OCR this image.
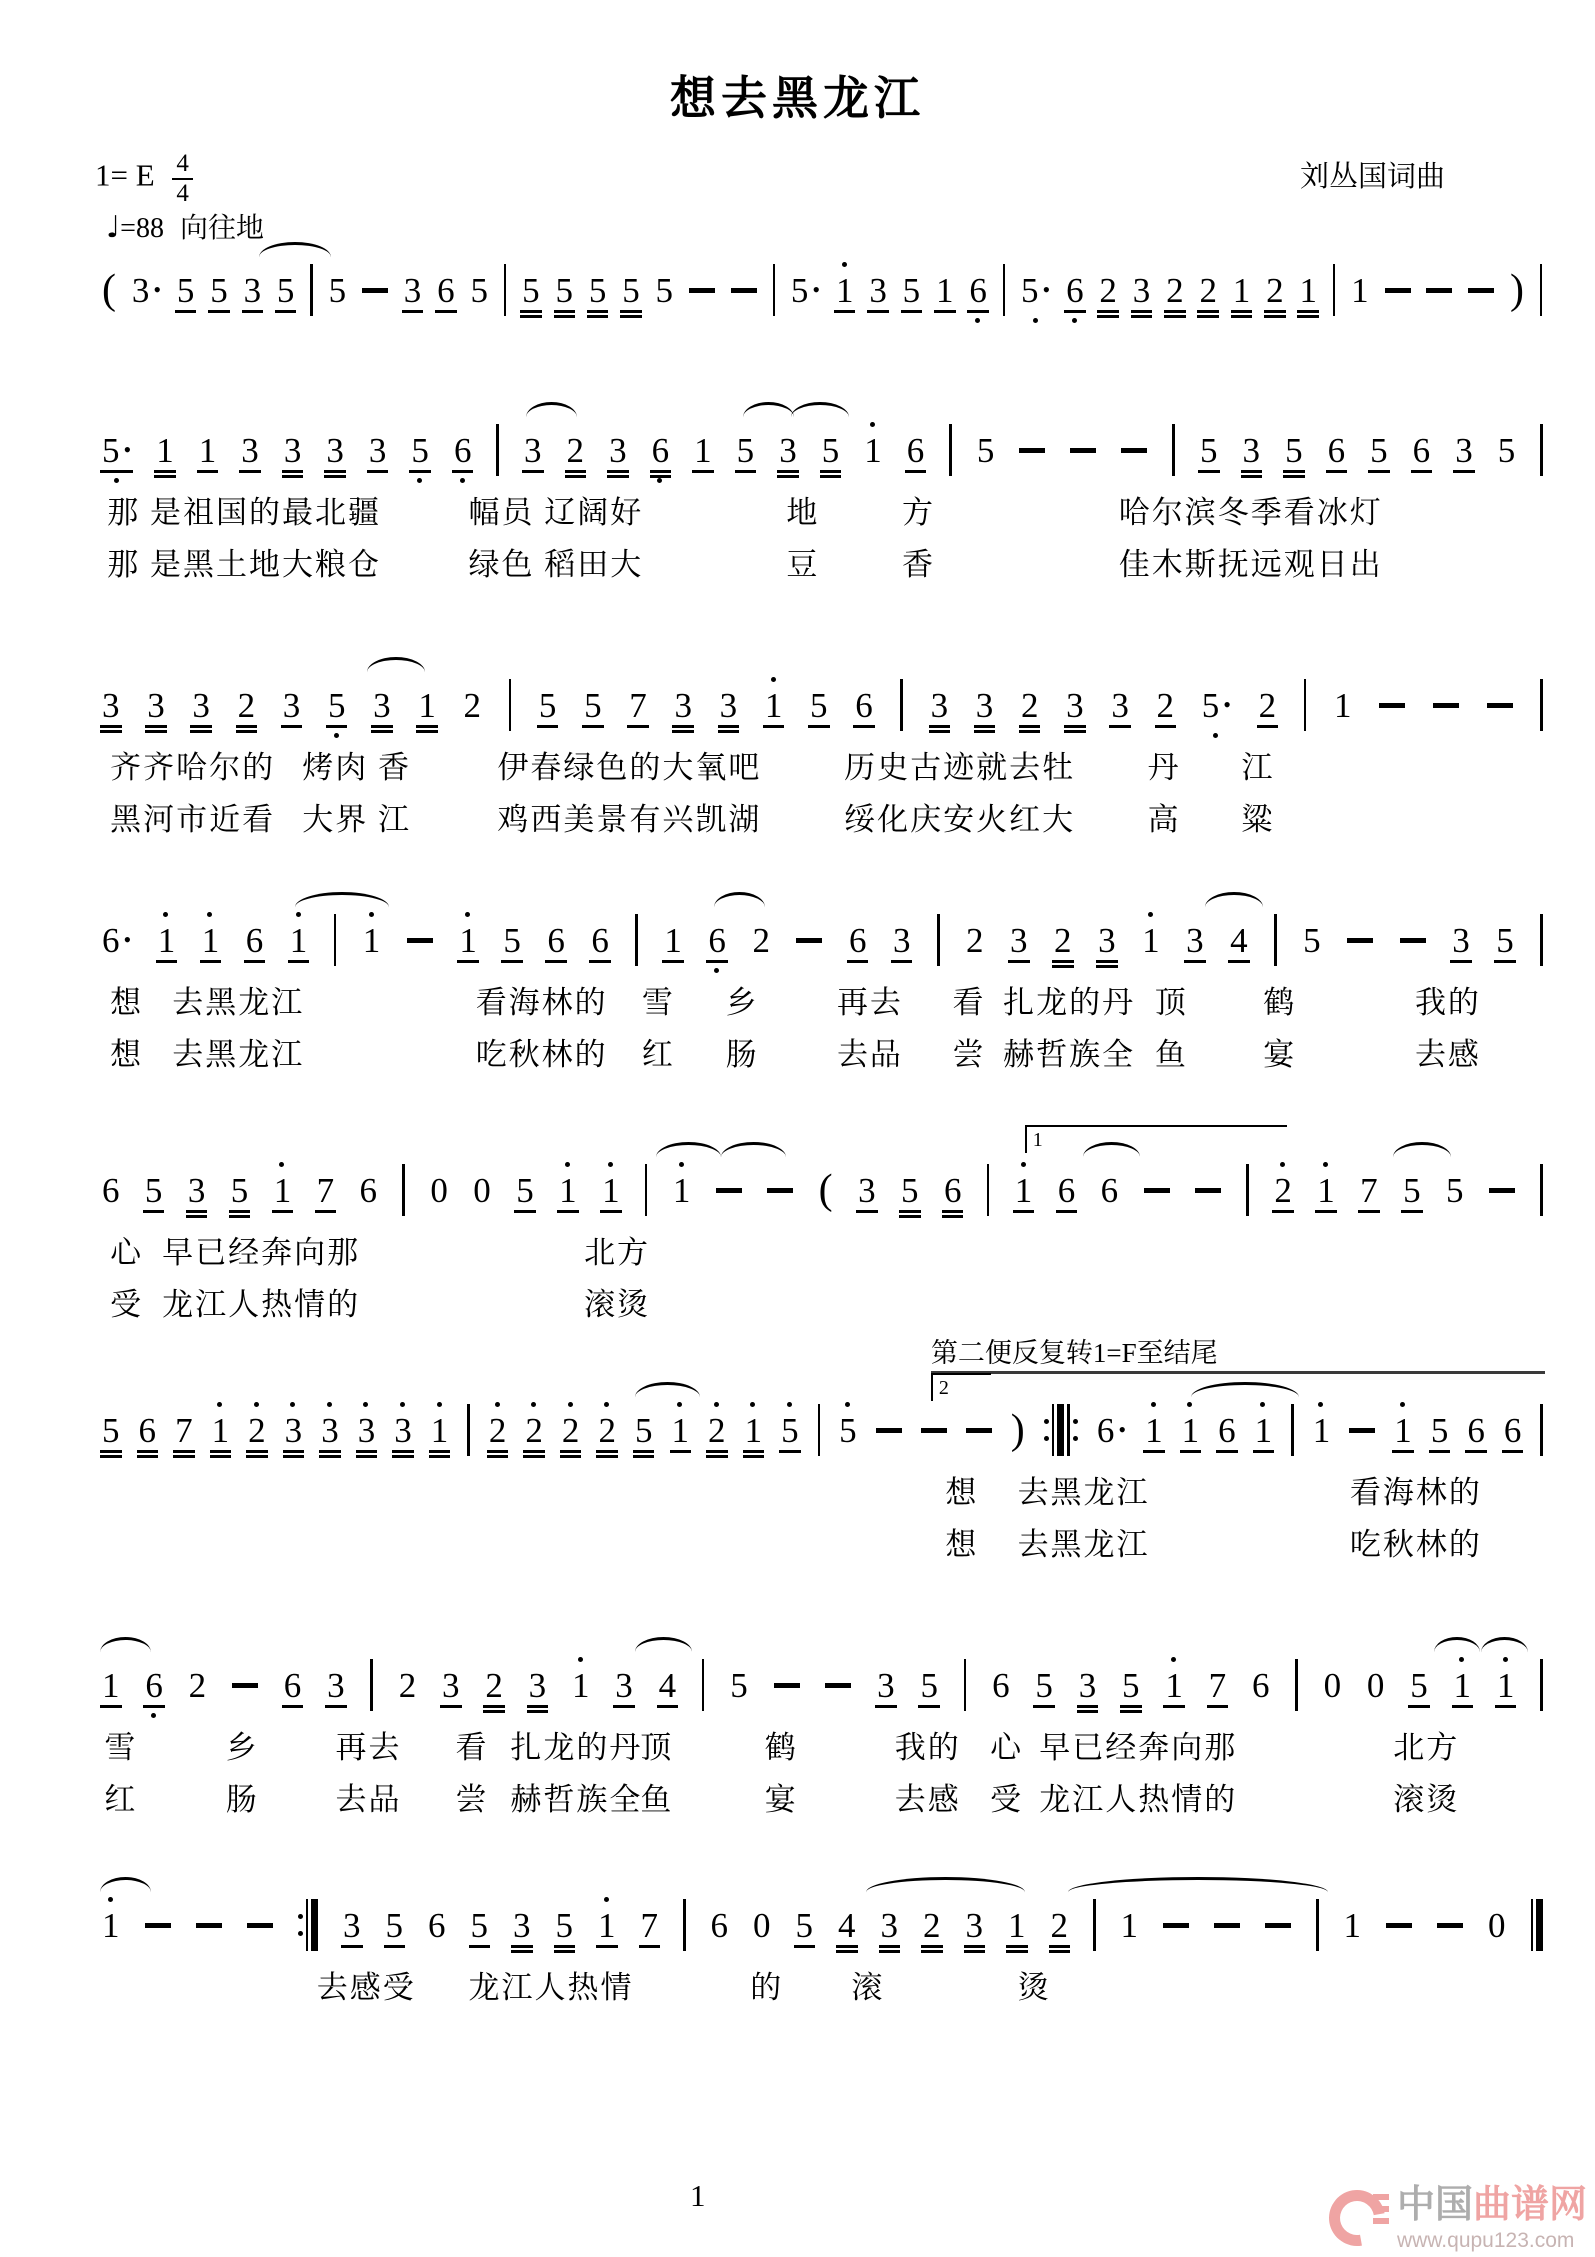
想去黑龙江
1= E $\frac{4}{4}$
♩=88 向往地
刘丛国词曲
( 3 • 5 5 3 5 5 3 6 5 5 5 5 5 5	5 • 1 3 5 1 6 5 • 6 2 3 2 2 1 2 1 1	)
5 • 1 1 3 3 3 3 5 6 3 2 3 6 1 5 3 5 1 6 5	5 3 5 6 5 6 3 5
那 是祖国的最北疆	幅员 辽阔好	地	方	哈尔滨冬季看冰灯
那 是黑土地大粮仓	绿色 稻田大	豆	香	佳木斯抚远观日出
3 3 3 2 3 5 3 1 2 5 5 7 3 3 1 5 6 3 3 2 3 3 2 5 • 2 1
齐齐哈尔的 烤肉 香	伊春绿色的大氧吧	历史古迹就去牡 丹 江
黑河市近看 大界 江	鸡西美景有兴凯湖	绥化庆安火红大 高 粱
6 • 1 1 6 1 1 1 5 6 6 1 6 2 6 3 2 3 2 3 1 3 4 5	3 5
想 去黑龙江	看海林的 雪 乡	再去 看 扎龙的丹 顶 鹤	我的
想 去黑龙江	吃秋林的 红 肠	去品 尝 赫哲族全 鱼 宴	去感
1
6 5 3 5 1 7 6 0 0 5 1 1 1	( 3 5 6 1 6 6	2 1 7 5 5
心 早已经奔向那	北方
受 龙江人热情的	滚烫
第二便反复转1=F至结尾
2
5 6 7 1 2 3 3 3 3 1 2 2 2 2 5 1 2 1 5 5	) 6 • 1 1 6 1 1 1 5 6 6
想 去黑龙江	看海林的
想 去黑龙江	吃秋林的
1 6 2 6 3 2 3 2 3 1 3 4 5	3 5 6 5 3 5 1 7 6 0 0 5 1 1
雪	乡 再去 看 扎龙的丹
顶	鹤	我的 心 早已经奔向那	北方
红	肠 去品 尝 赫哲族全
鱼	宴	去感 受 龙江人热情的	滚烫
1	3 5 6 5 3 5 1 7 6 0 5 4 3 2 3 1 2 1	1	0
去感受 龙江人热情	的 滚	烫
1	中国曲谱网
www.qupu123.com
